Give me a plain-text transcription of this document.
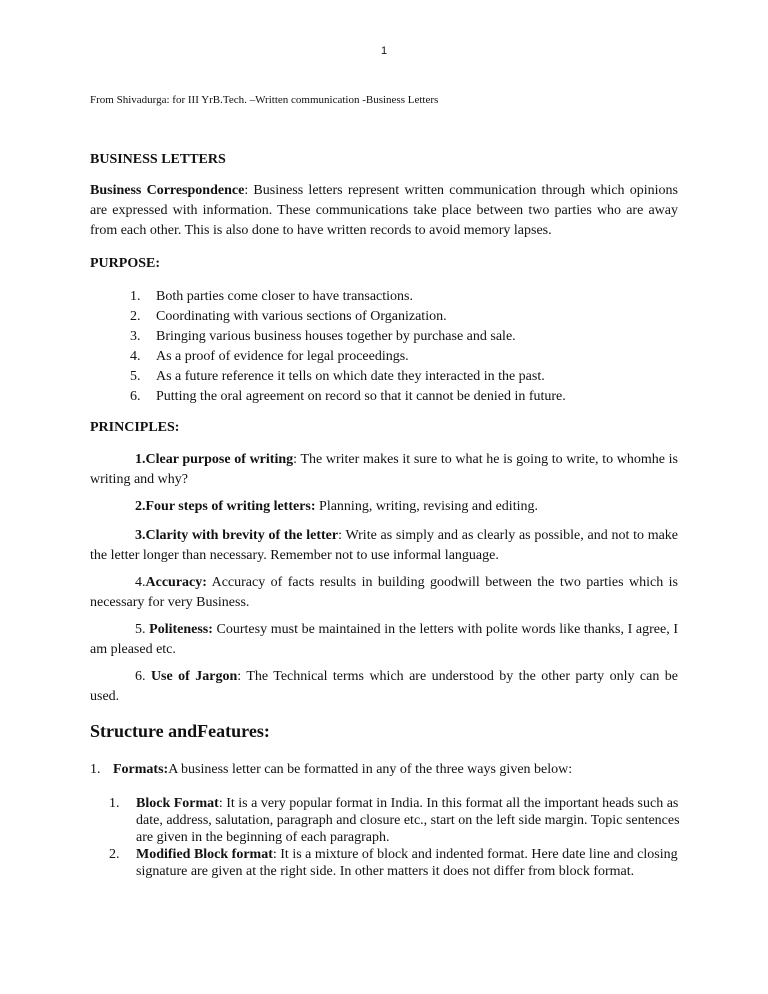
1
From Shivadurga: for III YrB.Tech. –Written communication -Business Letters
BUSINESS LETTERS
Business Correspondence: Business letters represent written communication through which opinions are expressed with information. These communications take place between two parties who are away from each other. This is also done to have written records to avoid memory lapses.
PURPOSE:
1. Both parties come closer to have transactions.
2. Coordinating with various sections of Organization.
3. Bringing various business houses together by purchase and sale.
4. As a proof of evidence for legal proceedings.
5. As a future reference it tells on which date they interacted in the past.
6. Putting the oral agreement on record so that it cannot be denied in future.
PRINCIPLES:
1.Clear purpose of writing: The writer makes it sure to what he is going to write, to whomhe is writing and why?
2.Four steps of writing letters: Planning, writing, revising and editing.
3.Clarity with brevity of the letter: Write as simply and as clearly as possible, and not to make the letter longer than necessary. Remember not to use informal language.
4.Accuracy: Accuracy of facts results in building goodwill between the two parties which is necessary for very Business.
5. Politeness: Courtesy must be maintained in the letters with polite words like thanks, I agree, I am pleased etc.
6. Use of Jargon: The Technical terms which are understood by the other party only can be used.
Structure andFeatures:
1. Formats:A business letter can be formatted in any of the three ways given below:
1. Block Format: It is a very popular format in India. In this format all the important heads such as date, address, salutation, paragraph and closure etc., start on the left side margin. Topic sentences are given in the beginning of each paragraph.
2. Modified Block format: It is a mixture of block and indented format. Here date line and closing signature are given at the right side. In other matters it does not differ from block format.
